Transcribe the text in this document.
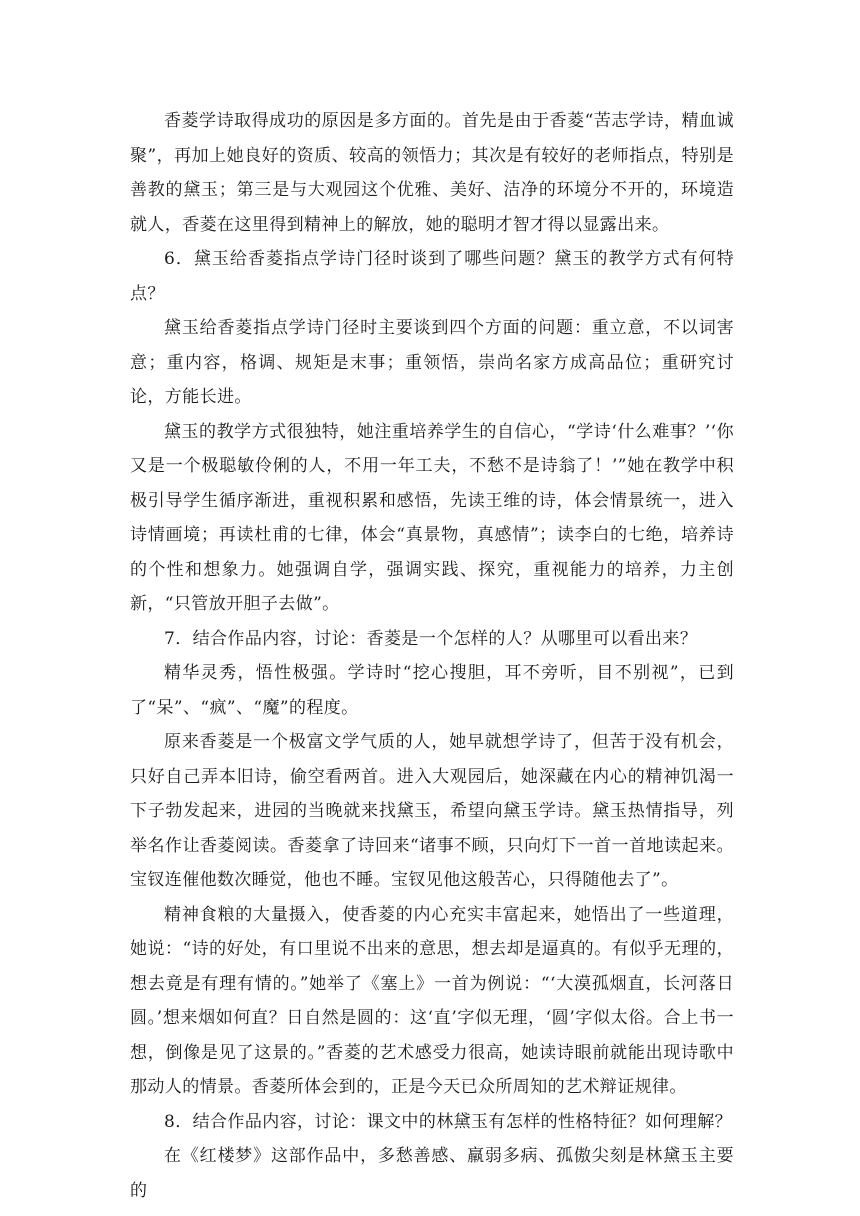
香菱学诗取得成功的原因是多方面的。首先是由于香菱“苦志学诗，精血诚聚”，再加上她良好的资质、较高的领悟力；其次是有较好的老师指点，特别是善教的黛玉；第三是与大观园这个优雅、美好、洁净的环境分不开的，环境造就人，香菱在这里得到精神上的解放，她的聪明才智才得以显露出来。

6．黛玉给香菱指点学诗门径时谈到了哪些问题？黛玉的教学方式有何特点？

黛玉给香菱指点学诗门径时主要谈到四个方面的问题：重立意，不以词害意；重内容，格调、规矩是末事；重领悟，崇尚名家方成高品位；重研究讨论，方能长进。

黛玉的教学方式很独特，她注重培养学生的自信心，“学诗‘什么难事？’‘你又是一个极聪敏伶俐的人，不用一年工夫，不愁不是诗翁了！’”她在教学中积极引导学生循序渐进，重视积累和感悟，先读王维的诗，体会情景统一，进入诗情画境；再读杜甫的七律，体会“真景物，真感情”；读李白的七绝，培养诗的个性和想象力。她强调自学，强调实践、探究，重视能力的培养，力主创新，“只管放开胆子去做”。

7．结合作品内容，讨论：香菱是一个怎样的人？从哪里可以看出来？

精华灵秀，悟性极强。学诗时“挖心搜胆，耳不旁听，目不别视”，已到了“呆”、“疯”、“魔”的程度。

原来香菱是一个极富文学气质的人，她早就想学诗了，但苦于没有机会，只好自己弄本旧诗，偷空看两首。进入大观园后，她深藏在内心的精神饥渴一下子勃发起来，进园的当晚就来找黛玉，希望向黛玉学诗。黛玉热情指导，列举名作让香菱阅读。香菱拿了诗回来“诸事不顾，只向灯下一首一首地读起来。宝钗连催他数次睡觉，他也不睡。宝钗见他这般苦心，只得随他去了”。

精神食粮的大量摄入，使香菱的内心充实丰富起来，她悟出了一些道理，她说：“诗的好处，有口里说不出来的意思，想去却是逼真的。有似乎无理的，想去竟是有理有情的。”她举了《塞上》一首为例说：“‘大漠孤烟直，长河落日圆。’想来烟如何直？日自然是圆的：这‘直’字似无理，‘圆’字似太俗。合上书一想，倒像是见了这景的。”香菱的艺术感受力很高，她读诗眼前就能出现诗歌中那动人的情景。香菱所体会到的，正是今天已众所周知的艺术辩证规律。

8．结合作品内容，讨论：课文中的林黛玉有怎样的性格特征？如何理解？

在《红楼梦》这部作品中，多愁善感、羸弱多病、孤傲尖刻是林黛玉主要的
